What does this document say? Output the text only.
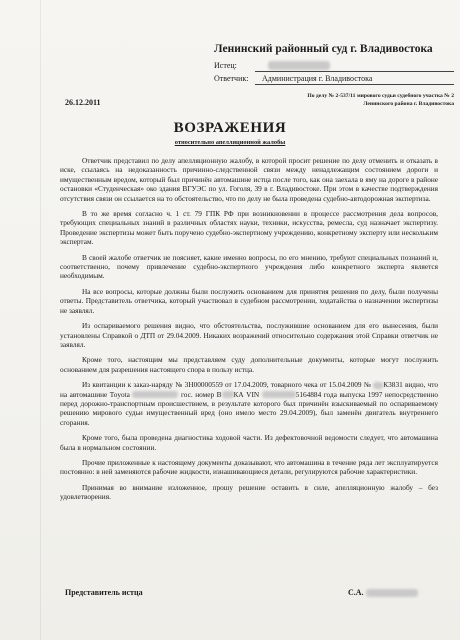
Ленинский районный суд г. Владивостока
Истец:
Ответчик: Администрация г. Владивостока
26.12.2011
По делу № 2-537/11 мирового судьи судебного участка № 2
Ленинского района г. Владивостока
ВОЗРАЖЕНИЯ
относительно апелляционной жалобы

Ответчик представил по делу апелляционную жалобу, в которой просит решение по делу отменить и отказать в иске, ссылаясь на недоказанность причинно-следственной связи между ненадлежащим состоянием дороги и имущественным вредом, который был причинён автомашине истца после того, как она заехала в яму на дороге в районе остановки «Студенческая» око здания ВГУЭС по ул. Гоголя, 39 в г. Владивостоке. При этом в качестве подтверждения отсутствия связи он ссылается на то обстоятельство, что по делу не была проведена судебно-автодорожная экспертиза.

В то же время согласно ч. 1 ст. 79 ГПК РФ при возникновении в процессе рассмотрения дела вопросов, требующих специальных знаний в различных областях науки, техники, искусства, ремесла, суд назначает экспертизу. Проведение экспертизы может быть поручено судебно-экспертному учреждению, конкретному эксперту или нескольким экспертам.

В своей жалобе ответчик не поясняет, какие именно вопросы, по его мнению, требуют специальных познаний и, соответственно, почему привлечение судебно-экспертного учреждения либо конкретного эксперта является необходимым.

На все вопросы, которые должны были послужить основанием для принятия решения по делу, были получены ответы. Представитель ответчика, который участвовал в судебном рассмотрении, ходатайства о назначении экспертизы не заявлял.

Из оспариваемого решения видно, что обстоятельства, послужившие основанием для его вынесения, были установлены Справкой о ДТП от 29.04.2009. Никаких возражений относительно содержания этой Справки ответчик не заявлял.

Кроме того, настоящим мы представляем суду дополнительные документы, которые могут послужить основанием для разрешения настоящего спора в пользу истца.

Из квитанции к заказ-наряду № 3Н00000559 от 17.04.2009, товарного чека от 15.04.2009 № К3831 видно, что на автомашине Toyota	гос. номер В КА VIN	5164884 года выпуска 1997 непосредственно перед дорожно-транспортным происшествием, в результате которого был причинён взыскиваемый по оспариваемому решению мирового судьи имущественный вред (оно имело место 29.04.2009), был заменён двигатель внутреннего сгорания.

Кроме того, была проведена диагностика ходовой части. Из дефектовочной ведомости следует, что автомашина была в нормальном состоянии.

Прочие приложенные к настоящему документы доказывают, что автомашина в течение ряда лет эксплуатируется постоянно: в ней заменяются рабочие жидкости, изнашивающиеся детали, регулируются рабочие характеристики.

Принимая во внимание изложенное, прошу решение оставить в силе, апелляционную жалобу – без удовлетворения.

Представитель истца	С.А.
